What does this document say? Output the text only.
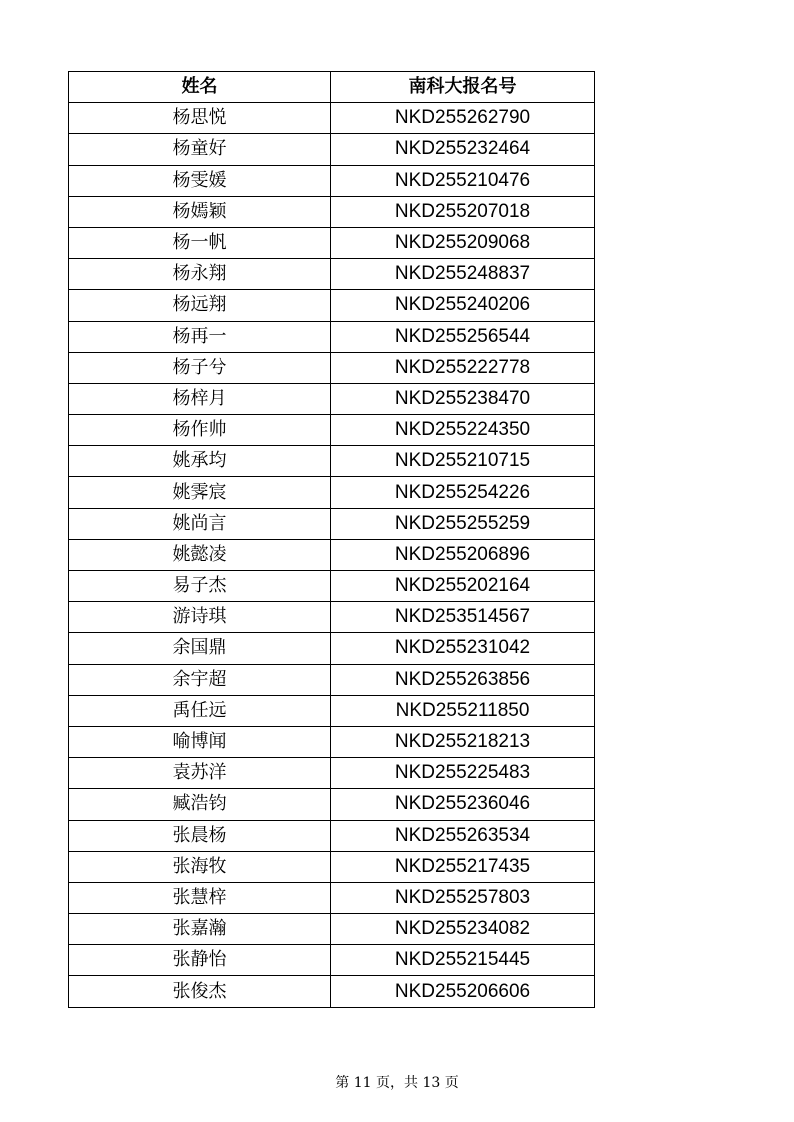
姓名	南科大报名号
杨思悦	NKD255262790
杨童好	NKD255232464
杨雯媛	NKD255210476
杨嫣颖	NKD255207018
杨一帆	NKD255209068
杨永翔	NKD255248837
杨远翔	NKD255240206
杨再一	NKD255256544
杨子兮	NKD255222778
杨梓月	NKD255238470
杨作帅	NKD255224350
姚承均	NKD255210715
姚霁宸	NKD255254226
姚尚言	NKD255255259
姚懿凌	NKD255206896
易子杰	NKD255202164
游诗琪	NKD253514567
余国鼎	NKD255231042
余宇超	NKD255263856
禹任远	NKD255211850
喻博闻	NKD255218213
袁苏洋	NKD255225483
臧浩钧	NKD255236046
张晨杨	NKD255263534
张海牧	NKD255217435
张慧梓	NKD255257803
张嘉瀚	NKD255234082
张静怡	NKD255215445
张俊杰	NKD255206606
第 11 页，共 13 页
